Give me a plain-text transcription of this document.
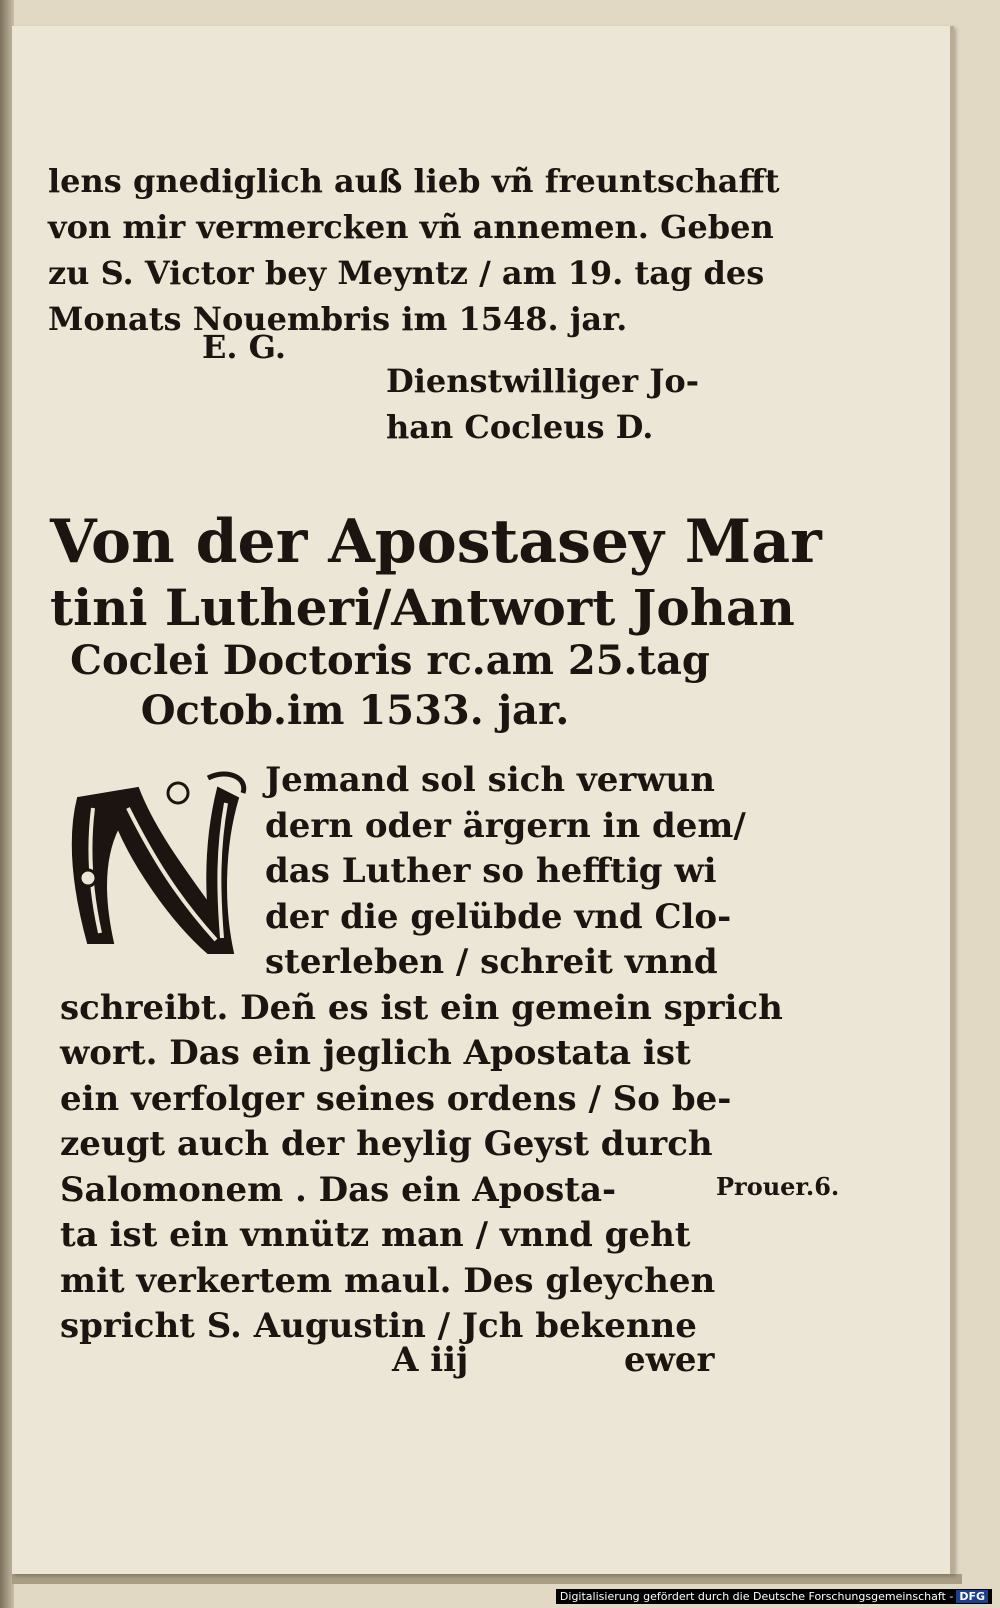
lens gnediglich auß lieb vñ freuntschafft
von mir vermercken vñ annemen. Geben
zu S. Victor bey Meyntz / am 19. tag des
Monats Nouembris im 1548. jar.
E. G.
Dienstwilliger Jo-
han Cocleus D.
Von der Apostasey Mar
tini Lutheri/Antwort Johan
Coclei Doctoris rc.am 25.tag
Octob.im 1533. jar.
Jemand sol sich verwun
dern oder ärgern in dem/
das Luther so hefftig wi
der die gelübde vnd Clo-
sterleben / schreit vnnd
schreibt. Deñ es ist ein gemein sprich
wort. Das ein jeglich Apostata ist
ein verfolger seines ordens / So be-
zeugt auch der heylig Geyst durch
Salomonem . Das ein Aposta-
ta ist ein vnnütz man / vnnd geht
mit verkertem maul. Des gleychen
spricht S. Augustin / Jch bekenne
Prouer.6.
A iij	ewer
Digitalisierung gefördert durch die Deutsche Forschungsgemeinschaft - DFG
